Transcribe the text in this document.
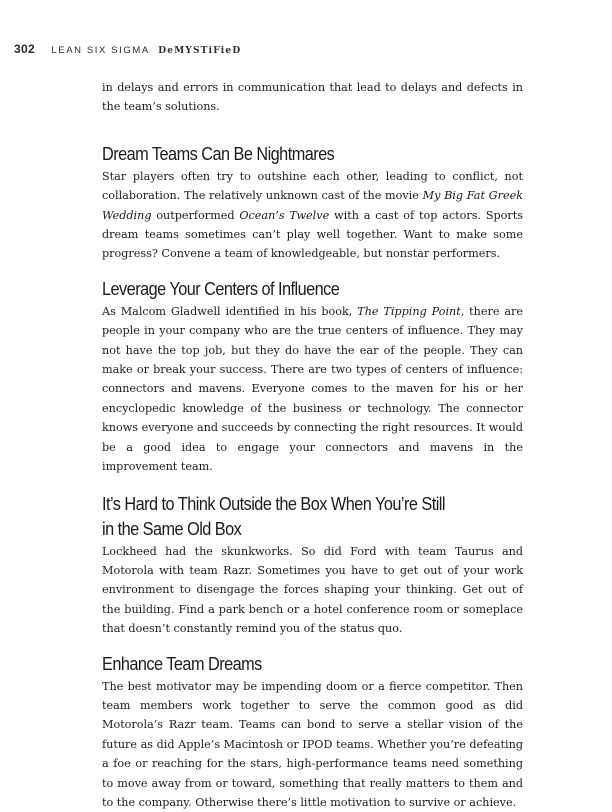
302 LEAN SIX SIGMA DeMYSTiFieD

in delays and errors in communication that lead to delays and defects in the team’s solutions.

Dream Teams Can Be Nightmares

Star players often try to outshine each other, leading to conflict, not collaboration. The relatively unknown cast of the movie My Big Fat Greek Wedding outperformed Ocean’s Twelve with a cast of top actors. Sports dream teams sometimes can’t play well together. Want to make some progress? Convene a team of knowledgeable, but nonstar performers.

Leverage Your Centers of Influence

As Malcom Gladwell identified in his book, The Tipping Point, there are people in your company who are the true centers of influence. They may not have the top job, but they do have the ear of the people. They can make or break your success. There are two types of centers of influence: connectors and mavens. Everyone comes to the maven for his or her encyclopedic knowledge of the business or technology. The connector knows everyone and succeeds by connecting the right resources. It would be a good idea to engage your connectors and mavens in the improvement team.

It’s Hard to Think Outside the Box When You’re Still
in the Same Old Box

Lockheed had the skunkworks. So did Ford with team Taurus and Motorola with team Razr. Sometimes you have to get out of your work environment to disengage the forces shaping your thinking. Get out of the building. Find a park bench or a hotel conference room or someplace that doesn’t constantly remind you of the status quo.

Enhance Team Dreams

The best motivator may be impending doom or a fierce competitor. Then team members work together to serve the common good as did Motorola’s Razr team. Teams can bond to serve a stellar vision of the future as did Apple’s Macintosh or IPOD teams. Whether you’re defeating a foe or reaching for the stars, high-performance teams need something to move away from or toward, something that really matters to them and to the company. Otherwise there’s little motivation to survive or achieve.
